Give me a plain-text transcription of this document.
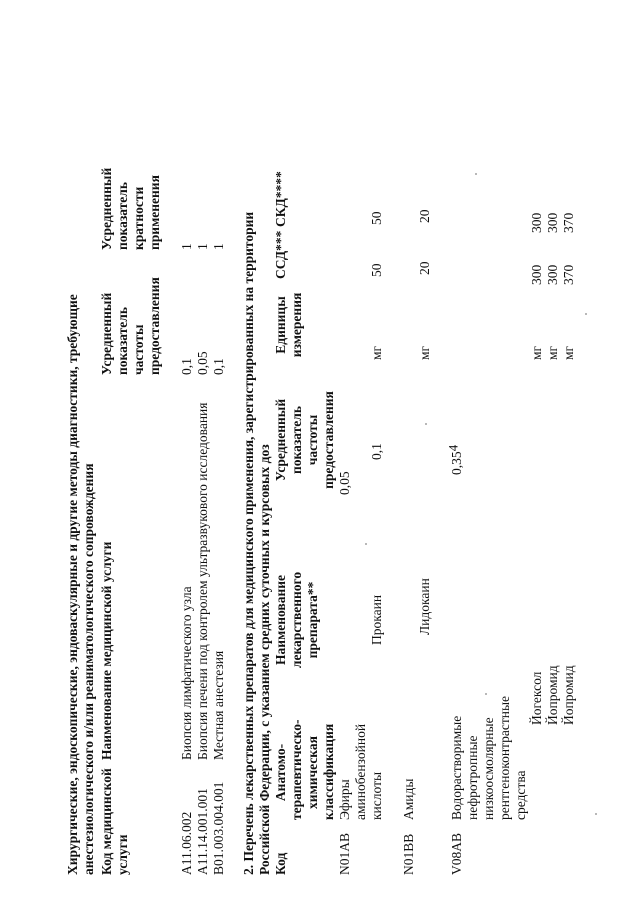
4
Хирургические, эндоскопические, эндоваскулярные и другие методы диагностики, требующие анестезиологического и/или реаниматологического сопровождения Код медицинской услуги
Наименование медицинской услуги
Усредненный показатель частоты предоставления
Усредненный показатель кратности применения
A11.06.002
Биопсия лимфатического узла
0,1
1
A11.14.001.001
Биопсия печени под контролем ультразвукового исследования
0,05
1
B01.003.004.001
Местная анестезия
0,1
1 2. Перечень лекарственных препаратов для медицинского применения, зарегистрированных на территории Российской Федерации, с указанием средних суточных и курсовых доз Код
Анатомо-терапевтическо-химическая классификация
Наименование лекарственного препарата**
Усредненный показатель частоты предоставления
Единицы измерения
ССД***
СКД****
N01AB
Эфиры аминобензойной кислоты
0,05
Прокаин
0,1
мг
50
50
N01BB
Амиды
Лидокаин
мг
20
20
V08AB
Водорастворимые нефротропные низкоосмолярные рентгеноконтрастные средства
0,35
Йогексол
мг
300
300
Йопромид
мг
300
300
Йопромид
мг
370
370
